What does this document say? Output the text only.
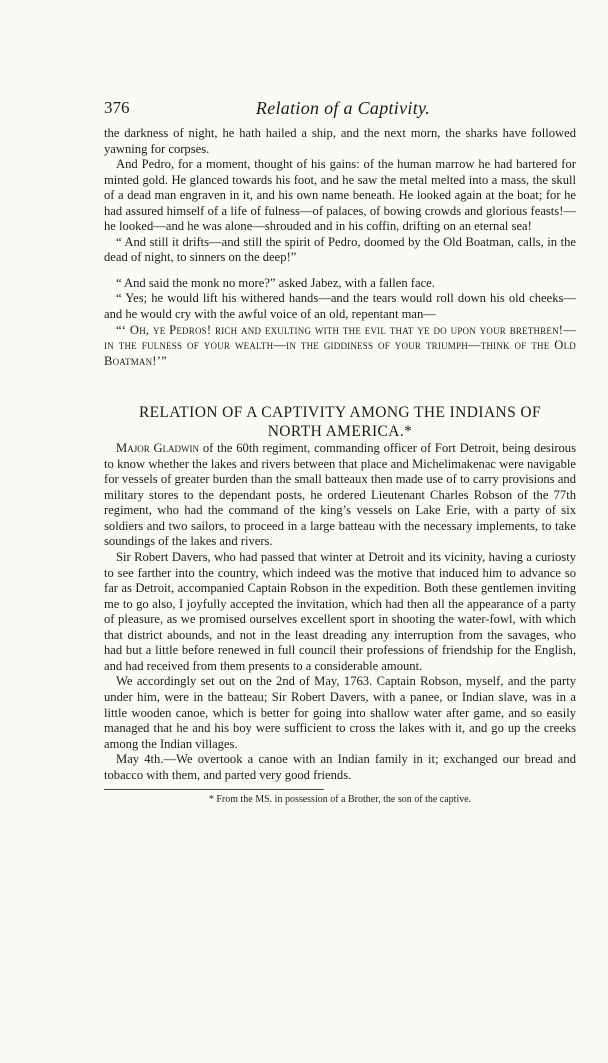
376	Relation of a Captivity.

the darkness of night, he hath hailed a ship, and the next morn, the sharks have followed yawning for corpses.

And Pedro, for a moment, thought of his gains: of the human marrow he had bartered for minted gold. He glanced towards his foot, and he saw the metal melted into a mass, the skull of a dead man engraven in it, and his own name beneath. He looked again at the boat; for he had assured himself of a life of fulness—of palaces, of bowing crowds and glorious feasts!—he looked—and he was alone—shrouded and in his coffin, drifting on an eternal sea!

“ And still it drifts—and still the spirit of Pedro, doomed by the Old Boatman, calls, in the dead of night, to sinners on the deep!”

“ And said the monk no more?” asked Jabez, with a fallen face.

“ Yes; he would lift his withered hands—and the tears would roll down his old cheeks—and he would cry with the awful voice of an old, repentant man—

“‘ Oh, ye Pedros! rich and exulting with the evil that ye do upon your brethren!—in the fulness of your wealth—in the giddiness of your triumph—think of the Old Boatman!’”

RELATION OF A CAPTIVITY AMONG THE INDIANS OF
NORTH AMERICA.*

Major Gladwin of the 60th regiment, commanding officer of Fort Detroit, being desirous to know whether the lakes and rivers between that place and Michelimakenac were navigable for vessels of greater burden than the small batteaux then made use of to carry provisions and military stores to the dependant posts, he ordered Lieutenant Charles Robson of the 77th regiment, who had the command of the king’s vessels on Lake Erie, with a party of six soldiers and two sailors, to proceed in a large batteau with the necessary implements, to take soundings of the lakes and rivers.

Sir Robert Davers, who had passed that winter at Detroit and its vicinity, having a curiosty to see farther into the country, which indeed was the motive that induced him to advance so far as Detroit, accompanied Captain Robson in the expedition. Both these gentlemen inviting me to go also, I joyfully accepted the invitation, which had then all the appearance of a party of pleasure, as we promised ourselves excellent sport in shooting the water-fowl, with which that district abounds, and not in the least dreading any interruption from the savages, who had but a little before renewed in full council their professions of friendship for the English, and had received from them presents to a considerable amount.

We accordingly set out on the 2nd of May, 1763. Captain Robson, myself, and the party under him, were in the batteau; Sir Robert Davers, with a panee, or Indian slave, was in a little wooden canoe, which is better for going into shallow water after game, and so easily managed that he and his boy were sufficient to cross the lakes with it, and go up the creeks among the Indian villages.

May 4th.—We overtook a canoe with an Indian family in it; exchanged our bread and tobacco with them, and parted very good friends.

* From the MS. in possession of a Brother, the son of the captive.
